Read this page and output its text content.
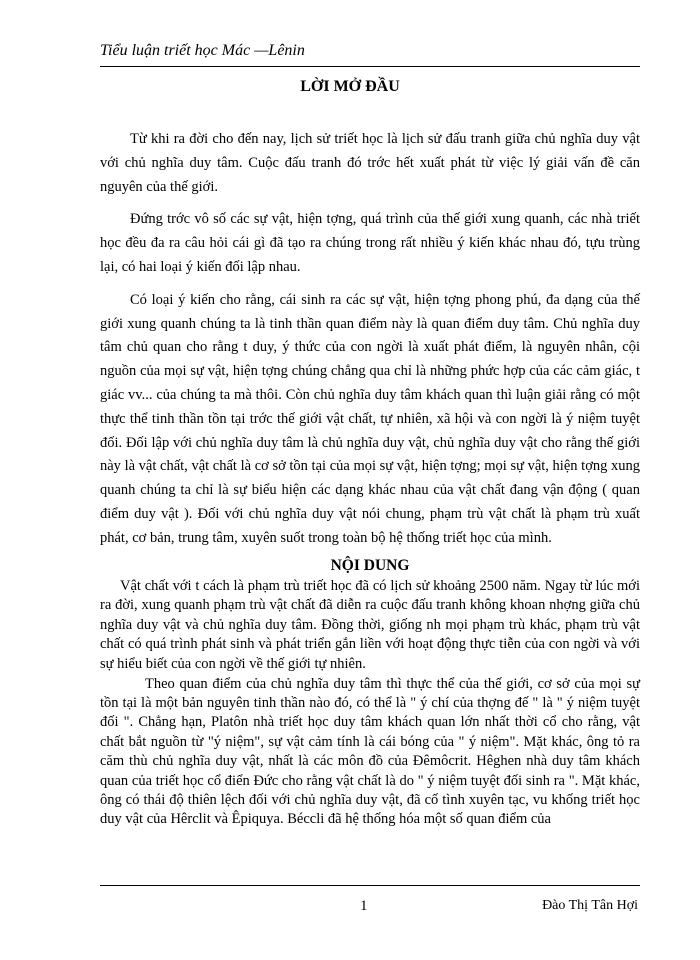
Tiểu luận triết học Mác —Lênin
LỜI MỞ ĐẦU

Từ khi ra đời cho đến nay, lịch sử triết học là lịch sử đấu tranh giữa chủ nghĩa duy vật với chủ nghĩa duy tâm. Cuộc đấu tranh đó trớc hết xuất phát từ việc lý giải vấn đề căn nguyên của thế giới.

Đứng trớc vô số các sự vật, hiện tợng, quá trình của thế giới xung quanh, các nhà triết học đều đa ra câu hỏi cái gì đã tạo ra chúng trong rất nhiều ý kiến khác nhau đó, tựu trùng lại, có hai loại ý kiến đối lập nhau.

Có loại ý kiến cho rằng, cái sinh ra các sự vật, hiện tợng phong phú, đa dạng của thế giới xung quanh chúng ta là tinh thần quan điểm này là quan điểm duy tâm. Chủ nghĩa duy tâm chủ quan cho rằng t duy, ý thức của con ngời là xuất phát điểm, là nguyên nhân, cội nguồn của mọi sự vật, hiện tợng chúng chẳng qua chỉ là những phức hợp của các cảm giác, t giác vv... của chúng ta mà thôi. Còn chủ nghĩa duy tâm khách quan thì luận giải rằng có một thực thể tinh thần tồn tại trớc thế giới vật chất, tự nhiên, xã hội và con ngời là ý niệm tuyệt đối. Đối lập với chủ nghĩa duy tâm là chủ nghĩa duy vật, chủ nghĩa duy vật cho rằng thế giới này là vật chất, vật chất là cơ sở tồn tại của mọi sự vật, hiện tợng; mọi sự vật, hiện tợng xung quanh chúng ta chỉ là sự biểu hiện các dạng khác nhau của vật chất đang vận động ( quan điểm duy vật ). Đối với chủ nghĩa duy vật nói chung, phạm trù vật chất là phạm trù xuất phát, cơ bản, trung tâm, xuyên suốt trong toàn bộ hệ thống triết học của mình.

NỘI DUNG

Vật chất với t cách là phạm trù triết học đã có lịch sử khoảng 2500 năm. Ngay từ lúc mới ra đời, xung quanh phạm trù vật chất đã diễn ra cuộc đấu tranh không khoan nhợng giữa chủ nghĩa duy vật và chủ nghĩa duy tâm. Đồng thời, giống nh mọi phạm trù khác, phạm trù vật chất có quá trình phát sinh và phát triển gắn liền với hoạt động thực tiễn của con ngời và với sự hiểu biết của con ngời về thế giới tự nhiên.

Theo quan điểm của chủ nghĩa duy tâm thì thực thể của thế giới, cơ sở của mọi sự tồn tại là một bản nguyên tinh thần nào đó, có thể là " ý chí của thợng đế " là " ý niệm tuyệt đối ". Chẳng hạn, Platôn nhà triết học duy tâm khách quan lớn nhất thời cổ cho rằng, vật chất bắt nguồn từ "ý niệm", sự vật cảm tính là cái bóng của " ý niệm". Mặt khác, ông tỏ ra căm thù chủ nghĩa duy vật, nhất là các môn đồ của Đêmôcrit. Hêghen nhà duy tâm khách quan của triết học cổ điển Đức cho rằng vật chất là do " ý niệm tuyệt đối sinh ra ". Mặt khác, ông có thái độ thiên lệch đối với chủ nghĩa duy vật, đã cố tình xuyên tạc, vu khống triết học duy vật của Hêrclit và Êpiquya. Béccli đã hệ thống hóa một số quan điểm của

1	Đào Thị Tân Hợi
